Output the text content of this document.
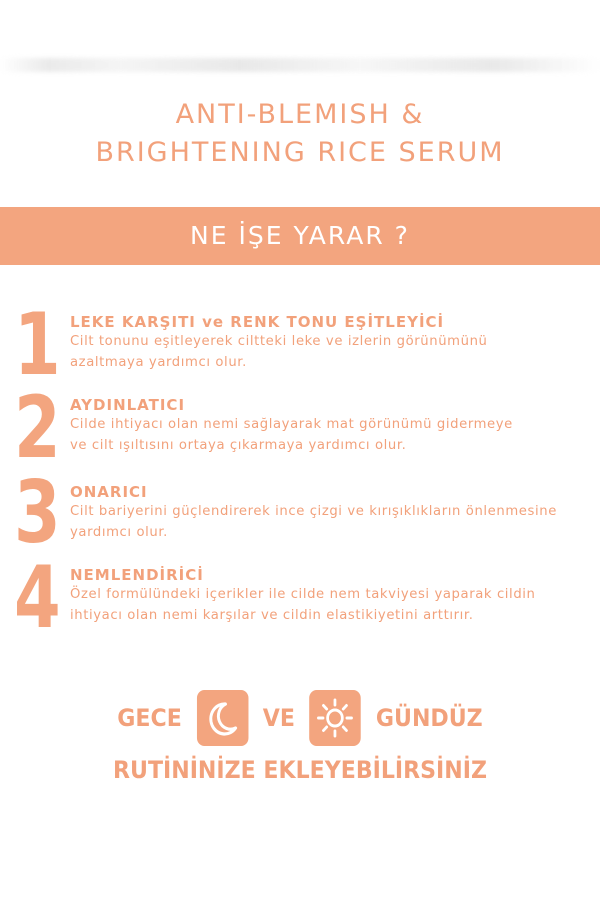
ANTI-BLEMISH &
BRIGHTENING RICE SERUM
NE İŞE YARAR ?
1 LEKE KARŞITI ve RENK TONU EŞİTLEYİCİ
Cilt tonunu eşitleyerek ciltteki leke ve izlerin görünümünü
azaltmaya yardımcı olur.
2 AYDINLATICI
Cilde ihtiyacı olan nemi sağlayarak mat görünümü gidermeye
ve cilt ışıltısını ortaya çıkarmaya yardımcı olur.
3 ONARICI
Cilt bariyerini güçlendirerek ince çizgi ve kırışıklıkların önlenmesine
yardımcı olur.
4 NEMLENDİRİCİ
Özel formülündeki içerikler ile cilde nem takviyesi yaparak cildin
ihtiyacı olan nemi karşılar ve cildin elastikiyetini arttırır.
GECE	VE	GÜNDÜZ
RUTİNİNİZE EKLEYEBİLİRSİNİZ
